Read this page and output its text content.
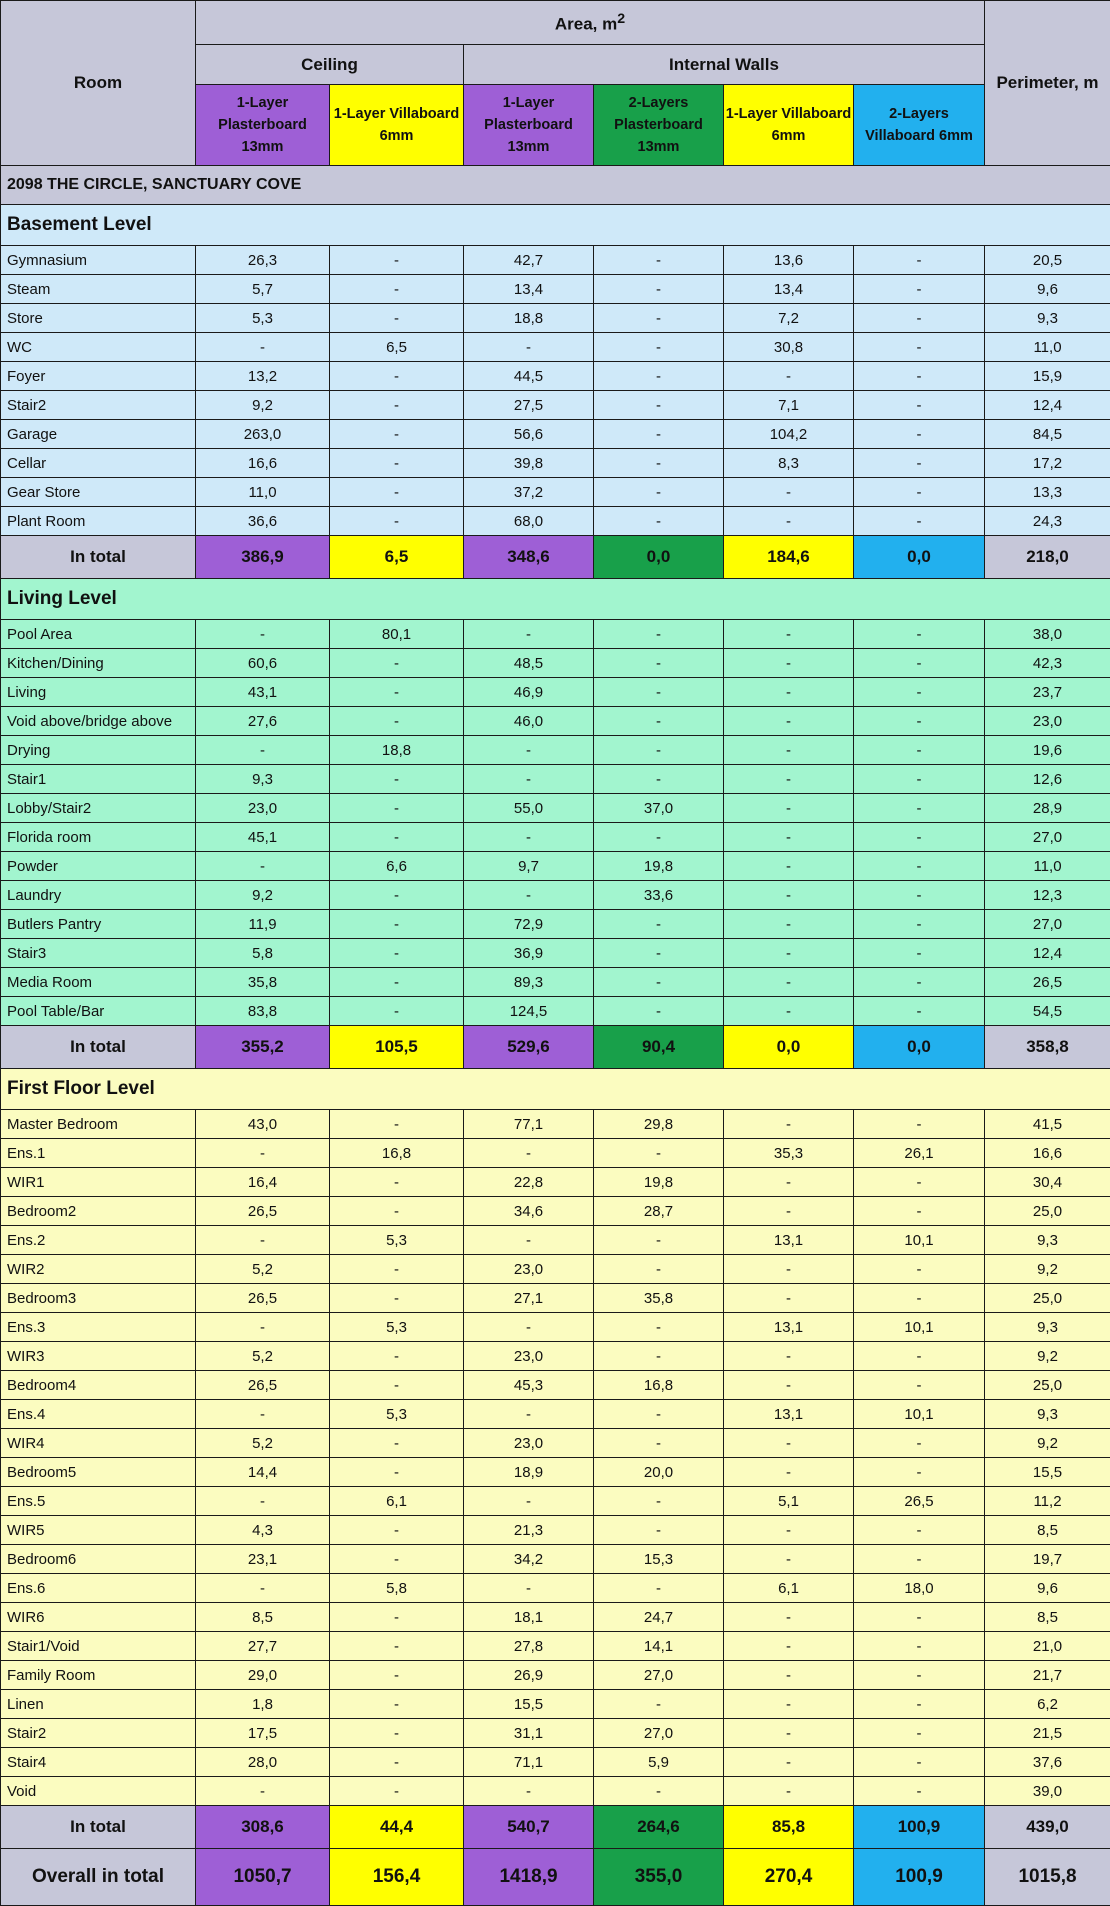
Room	Area, $m^2$						Perimeter, m
	Ceiling		Internal Walls				
	1-Layer Plasterboard 13mm	1-Layer Villaboard 6mm	1-Layer Plasterboard 13mm	2-Layers Plasterboard 13mm	1-Layer Villaboard 6mm	2-Layers Villaboard 6mm	
2098 THE CIRCLE, SANCTUARY COVE							
Basement Level							
Gymnasium	26,3	-	42,7	-	13,6	-	20,5
Steam	5,7	-	13,4	-	13,4	-	9,6
Store	5,3	-	18,8	-	7,2	-	9,3
WC	-	6,5	-	-	30,8	-	11,0
Foyer	13,2	-	44,5	-	-	-	15,9
Stair2	9,2	-	27,5	-	7,1	-	12,4
Garage	263,0	-	56,6	-	104,2	-	84,5
Cellar	16,6	-	39,8	-	8,3	-	17,2
Gear Store	11,0	-	37,2	-	-	-	13,3
Plant Room	36,6	-	68,0	-	-	-	24,3
In total	386,9	6,5	348,6	0,0	184,6	0,0	218,0
Living Level							
Pool Area	-	80,1	-	-	-	-	38,0
Kitchen/Dining	60,6	-	48,5	-	-	-	42,3
Living	43,1	-	46,9	-	-	-	23,7
Void above/bridge above	27,6	-	46,0	-	-	-	23,0
Drying	-	18,8	-	-	-	-	19,6
Stair1	9,3	-	-	-	-	-	12,6
Lobby/Stair2	23,0	-	55,0	37,0	-	-	28,9
Florida room	45,1	-	-	-	-	-	27,0
Powder	-	6,6	9,7	19,8	-	-	11,0
Laundry	9,2	-	-	33,6	-	-	12,3
Butlers Pantry	11,9	-	72,9	-	-	-	27,0
Stair3	5,8	-	36,9	-	-	-	12,4
Media Room	35,8	-	89,3	-	-	-	26,5
Pool Table/Bar	83,8	-	124,5	-	-	-	54,5
In total	355,2	105,5	529,6	90,4	0,0	0,0	358,8
First Floor Level							
Master Bedroom	43,0	-	77,1	29,8	-	-	41,5
Ens.1	-	16,8	-	-	35,3	26,1	16,6
WIR1	16,4	-	22,8	19,8	-	-	30,4
Bedroom2	26,5	-	34,6	28,7	-	-	25,0
Ens.2	-	5,3	-	-	13,1	10,1	9,3
WIR2	5,2	-	23,0	-	-	-	9,2
Bedroom3	26,5	-	27,1	35,8	-	-	25,0
Ens.3	-	5,3	-	-	13,1	10,1	9,3
WIR3	5,2	-	23,0	-	-	-	9,2
Bedroom4	26,5	-	45,3	16,8	-	-	25,0
Ens.4	-	5,3	-	-	13,1	10,1	9,3
WIR4	5,2	-	23,0	-	-	-	9,2
Bedroom5	14,4	-	18,9	20,0	-	-	15,5
Ens.5	-	6,1	-	-	5,1	26,5	11,2
WIR5	4,3	-	21,3	-	-	-	8,5
Bedroom6	23,1	-	34,2	15,3	-	-	19,7
Ens.6	-	5,8	-	-	6,1	18,0	9,6
WIR6	8,5	-	18,1	24,7	-	-	8,5
Stair1/Void	27,7	-	27,8	14,1	-	-	21,0
Family Room	29,0	-	26,9	27,0	-	-	21,7
Linen	1,8	-	15,5	-	-	-	6,2
Stair2	17,5	-	31,1	27,0	-	-	21,5
Stair4	28,0	-	71,1	5,9	-	-	37,6
Void	-	-	-	-	-	-	39,0
In total	308,6	44,4	540,7	264,6	85,8	100,9	439,0
Overall in total	1050,7	156,4	1418,9	355,0	270,4	100,9	1015,8
